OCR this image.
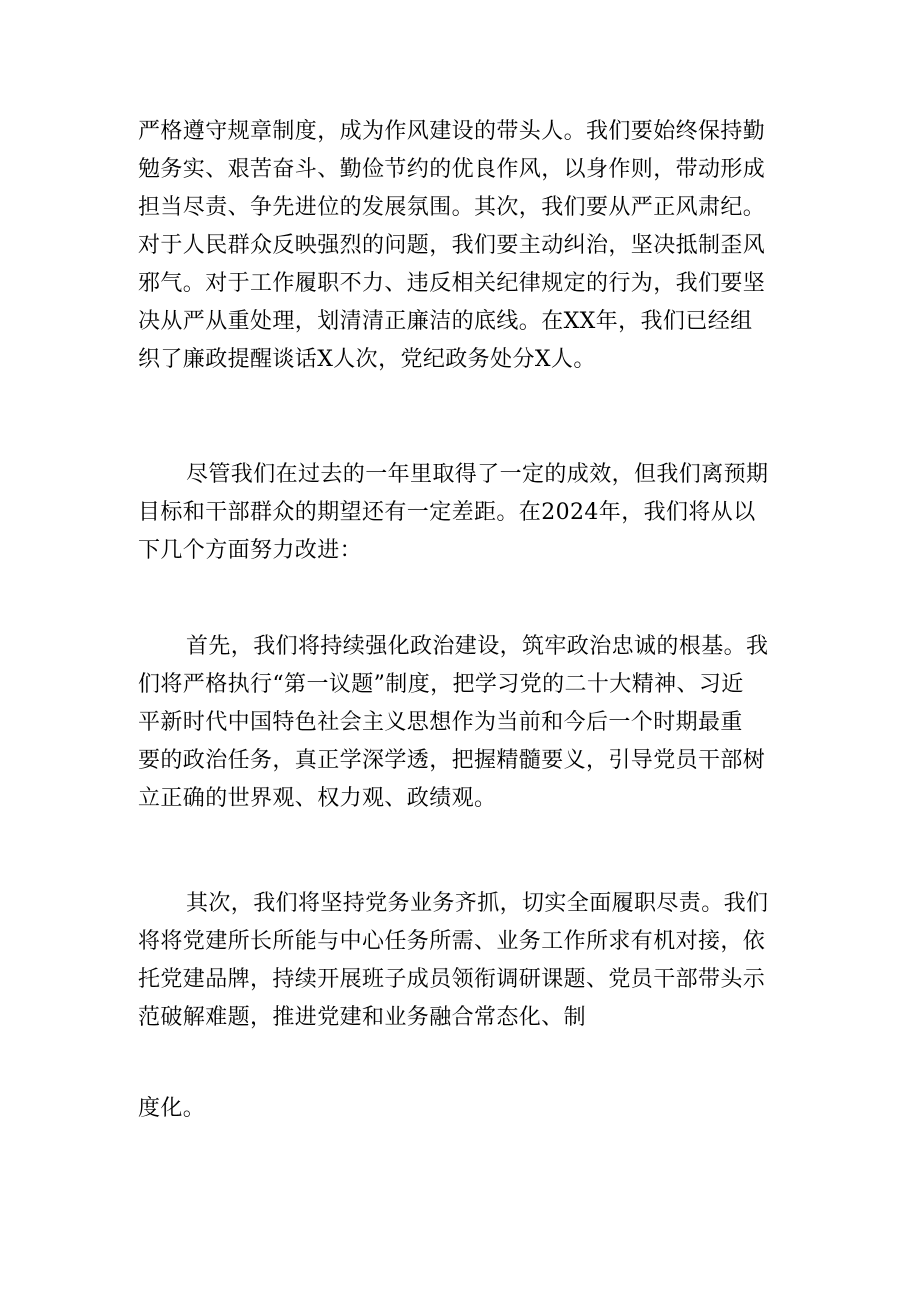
严格遵守规章制度，成为作风建设的带头人。我们要始终保持勤
勉务实、艰苦奋斗、勤俭节约的优良作风，以身作则，带动形成
担当尽责、争先进位的发展氛围。其次，我们要从严正风肃纪。
对于人民群众反映强烈的问题，我们要主动纠治，坚决抵制歪风
邪气。对于工作履职不力、违反相关纪律规定的行为，我们要坚
决从严从重处理，划清清正廉洁的底线。在XX年，我们已经组
织了廉政提醒谈话X人次，党纪政务处分X人。
尽管我们在过去的一年里取得了一定的成效，但我们离预期
目标和干部群众的期望还有一定差距。在2024年，我们将从以
下几个方面努力改进：
首先，我们将持续强化政治建设，筑牢政治忠诚的根基。我
们将严格执行“第一议题”制度，把学习党的二十大精神、习近
平新时代中国特色社会主义思想作为当前和今后一个时期最重
要的政治任务，真正学深学透，把握精髓要义，引导党员干部树
立正确的世界观、权力观、政绩观。
其次，我们将坚持党务业务齐抓，切实全面履职尽责。我们
将将党建所长所能与中心任务所需、业务工作所求有机对接，依
托党建品牌，持续开展班子成员领衔调研课题、党员干部带头示
范破解难题，推进党建和业务融合常态化、制
度化。
